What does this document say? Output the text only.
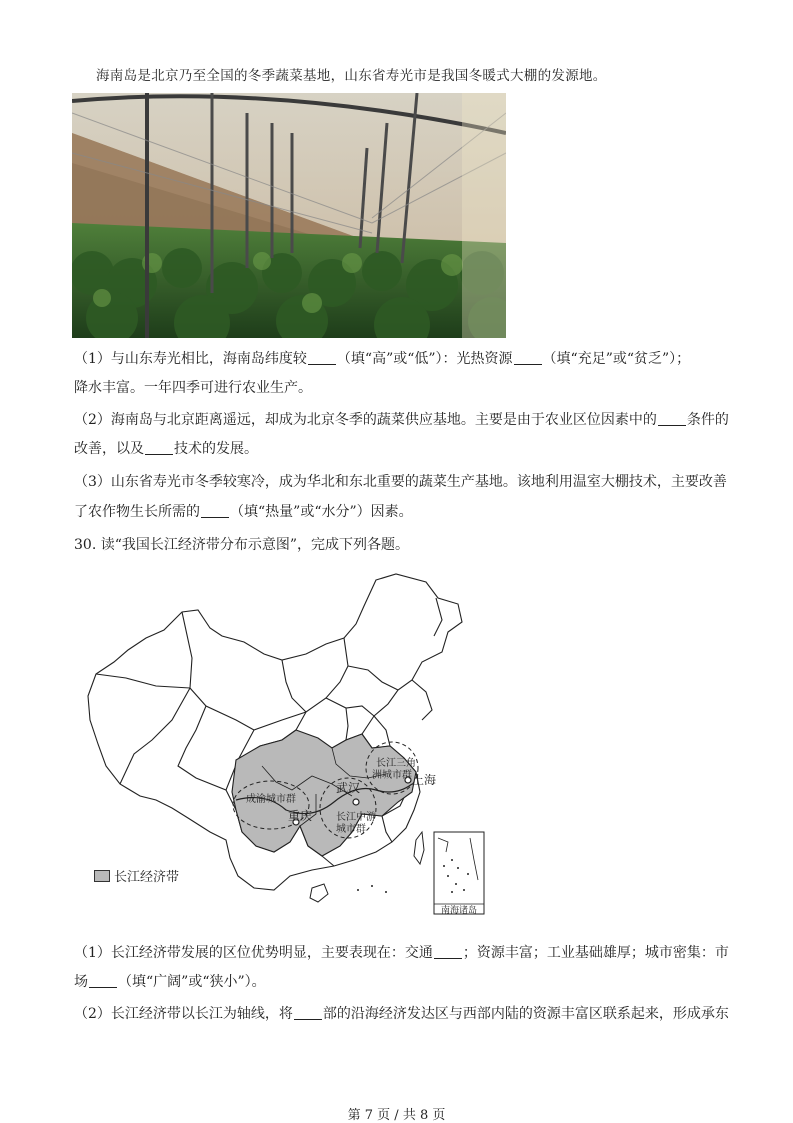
海南岛是北京乃至全国的冬季蔬菜基地，山东省寿光市是我国冬暖式大棚的发源地。
（1）与山东寿光相比，海南岛纬度较 （填“高”或“低”）：光热资源 （填“充足”或“贫乏”）；
降水丰富。一年四季可进行农业生产。
（2）海南岛与北京距离遥远，却成为北京冬季的蔬菜供应基地。主要是由于农业区位因素中的 条件的
改善，以及 技术的发展。
（3）山东省寿光市冬季较寒冷，成为华北和东北重要的蔬菜生产基地。该地利用温室大棚技术，主要改善
了农作物生长所需的 （填“热量”或“水分”）因素。
30. 读“我国长江经济带分布示意图”，完成下列各题。
南海诸岛
成渝城市群
重庆
武汉
长江中游
城市群
长江三角
洲城市群 上海
长江经济带
（1）长江经济带发展的区位优势明显，主要表现在：交通 ；资源丰富；工业基础雄厚；城市密集：市
场 （填“广阔”或“狭小”）。
（2）长江经济带以长江为轴线，将 部的沿海经济发达区与西部内陆的资源丰富区联系起来，形成承东
第 7 页 / 共 8 页
